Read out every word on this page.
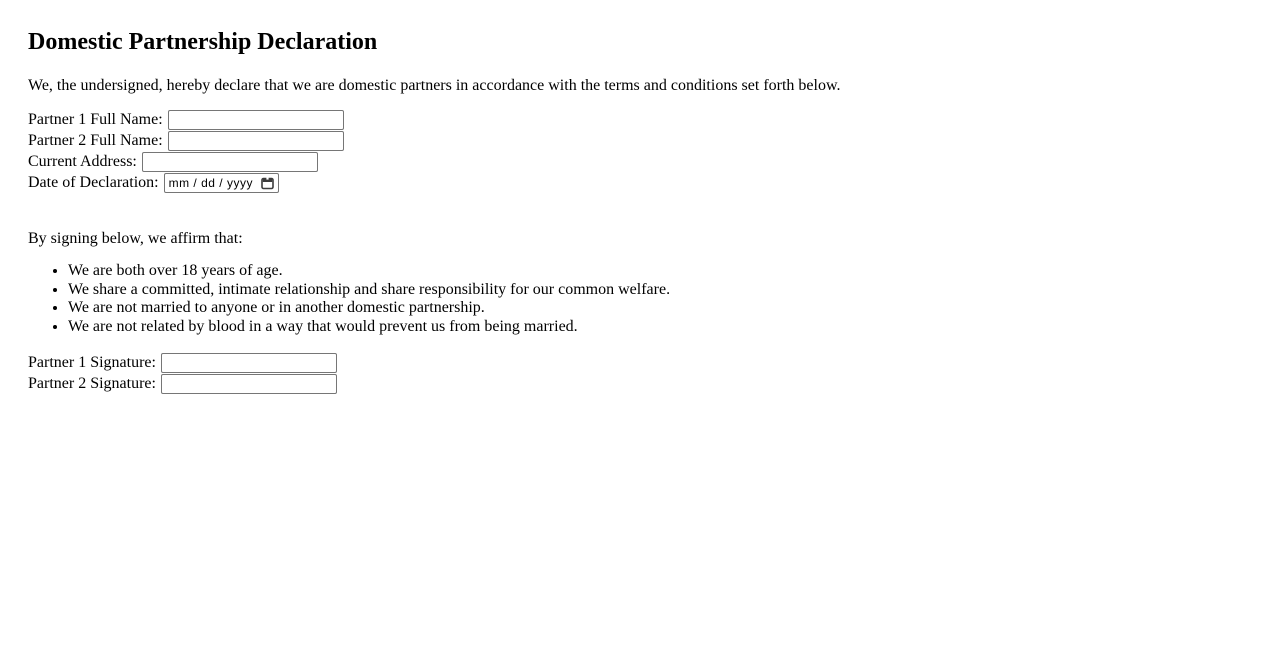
Domestic Partnership Declaration

We, the undersigned, hereby declare that we are domestic partners in accordance with the terms and conditions set forth below.

Partner 1 Full Name:
Partner 2 Full Name:
Current Address:
Date of Declaration: mm / dd / yyyy

By signing below, we affirm that:

• We are both over 18 years of age.
• We share a committed, intimate relationship and share responsibility for our common welfare.
• We are not married to anyone or in another domestic partnership.
• We are not related by blood in a way that would prevent us from being married.
Partner 1 Signature:
Partner 2 Signature:
